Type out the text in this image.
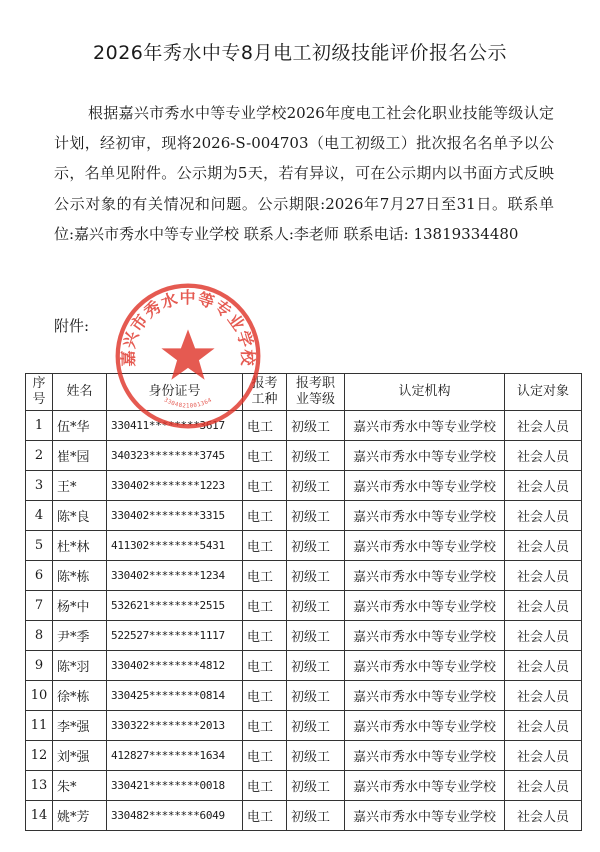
2026年秀水中专8月电工初级技能评价报名公示
根据嘉兴市秀水中等专业学校2026年度电工社会化职业技能等级认定计划，经初审，现将2026-S-004703（电工初级工）批次报名名单予以公示，名单见附件。公示期为5天，若有异议，可在公示期内以书面方式反映公示对象的有关情况和问题。公示期限:2026年7月27日至31日。联系单位:嘉兴市秀水中等专业学校 联系人:李老师 联系电话: 13819334480
附件:
序号	姓名	身份证号	报考工种	报考职业等级	认定机构	认定对象
1	伍*华	330411********3617	电工	初级工	嘉兴市秀水中等专业学校	社会人员
2	崔*园	340323********3745	电工	初级工	嘉兴市秀水中等专业学校	社会人员
3	王*	330402********1223	电工	初级工	嘉兴市秀水中等专业学校	社会人员
4	陈*良	330402********3315	电工	初级工	嘉兴市秀水中等专业学校	社会人员
5	杜*林	411302********5431	电工	初级工	嘉兴市秀水中等专业学校	社会人员
6	陈*栋	330402********1234	电工	初级工	嘉兴市秀水中等专业学校	社会人员
7	杨*中	532621********2515	电工	初级工	嘉兴市秀水中等专业学校	社会人员
8	尹*季	522527********1117	电工	初级工	嘉兴市秀水中等专业学校	社会人员
9	陈*羽	330402********4812	电工	初级工	嘉兴市秀水中等专业学校	社会人员
10	徐*栋	330425********0814	电工	初级工	嘉兴市秀水中等专业学校	社会人员
11	李*强	330322********2013	电工	初级工	嘉兴市秀水中等专业学校	社会人员
12	刘*强	412827********1634	电工	初级工	嘉兴市秀水中等专业学校	社会人员
13	朱*	330421********0018	电工	初级工	嘉兴市秀水中等专业学校	社会人员
14	姚*芳	330482********6049	电工	初级工	嘉兴市秀水中等专业学校	社会人员
嘉兴市秀水中等专业学校
3304821001364
